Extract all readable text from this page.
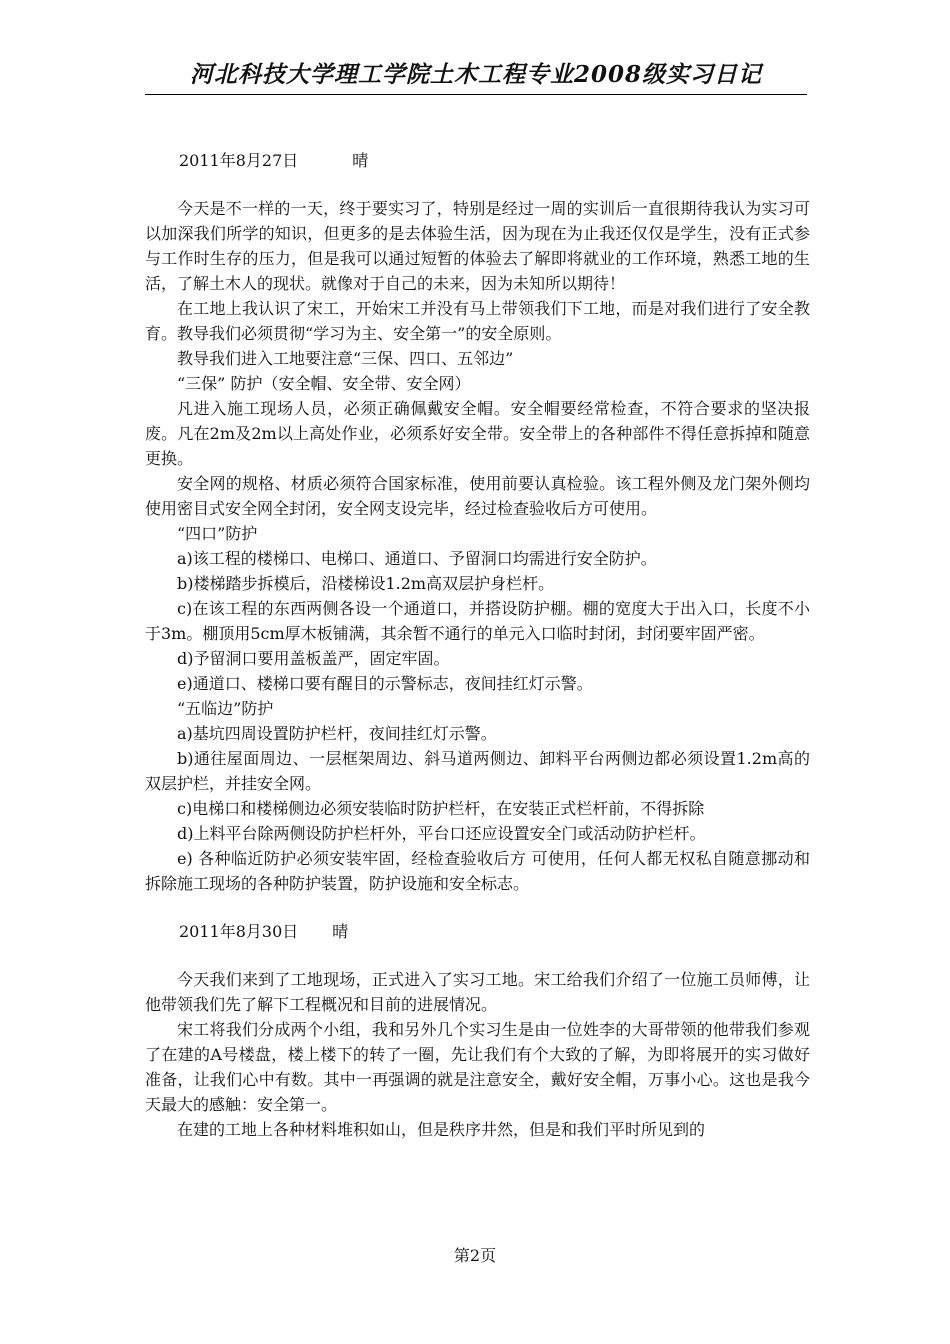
河北科技大学理工学院土木工程专业2008级实习日记
2011年8月27日	晴

今天是不一样的一天，终于要实习了，特别是经过一周的实训后一直很期待我认为实习可以加深我们所学的知识，但更多的是去体验生活，因为现在为止我还仅仅是学生，没有正式参与工作时生存的压力，但是我可以通过短暂的体验去了解即将就业的工作环境，熟悉工地的生活，了解土木人的现状。就像对于自己的未来，因为未知所以期待！

在工地上我认识了宋工，开始宋工并没有马上带领我们下工地，而是对我们进行了安全教育。教导我们必须贯彻“学习为主、安全第一”的安全原则。

教导我们进入工地要注意“三保、四口、五邻边”

“三保” 防护（安全帽、安全带、安全网）

凡进入施工现场人员，必须正确佩戴安全帽。安全帽要经常检查，不符合要求的坚决报废。凡在2m及2m以上高处作业，必须系好安全带。安全带上的各种部件不得任意拆掉和随意更换。

安全网的规格、材质必须符合国家标准，使用前要认真检验。该工程外侧及龙门架外侧均使用密目式安全网全封闭，安全网支设完毕，经过检查验收后方可使用。

“四口”防护

a)该工程的楼梯口、电梯口、通道口、予留洞口均需进行安全防护。

b)楼梯踏步拆模后，沿楼梯设1.2m高双层护身栏杆。

c)在该工程的东西两侧各设一个通道口，并搭设防护棚。棚的宽度大于出入口，长度不小于3m。棚顶用5cm厚木板铺满，其余暂不通行的单元入口临时封闭，封闭要牢固严密。

d)予留洞口要用盖板盖严，固定牢固。

e)通道口、楼梯口要有醒目的示警标志，夜间挂红灯示警。

“五临边”防护

a)基坑四周设置防护栏杆，夜间挂红灯示警。

b)通往屋面周边、一层框架周边、斜马道两侧边、卸料平台两侧边都必须设置1.2m高的双层护栏，并挂安全网。

c)电梯口和楼梯侧边必须安装临时防护栏杆，在安装正式栏杆前，不得拆除

d)上料平台除两侧设防护栏杆外，平台口还应设置安全门或活动防护栏杆。

e) 各种临近防护必须安装牢固，经检查验收后方 可使用，任何人都无权私自随意挪动和拆除施工现场的各种防护装置，防护设施和安全标志。

2011年8月30日 晴

今天我们来到了工地现场，正式进入了实习工地。宋工给我们介绍了一位施工员师傅，让他带领我们先了解下工程概况和目前的进展情况。

宋工将我们分成两个小组，我和另外几个实习生是由一位姓李的大哥带领的他带我们参观了在建的A号楼盘，楼上楼下的转了一圈，先让我们有个大致的了解，为即将展开的实习做好准备，让我们心中有数。其中一再强调的就是注意安全，戴好安全帽，万事小心。这也是我今天最大的感触：安全第一。

在建的工地上各种材料堆积如山，但是秩序井然，但是和我们平时所见到的

第2页
